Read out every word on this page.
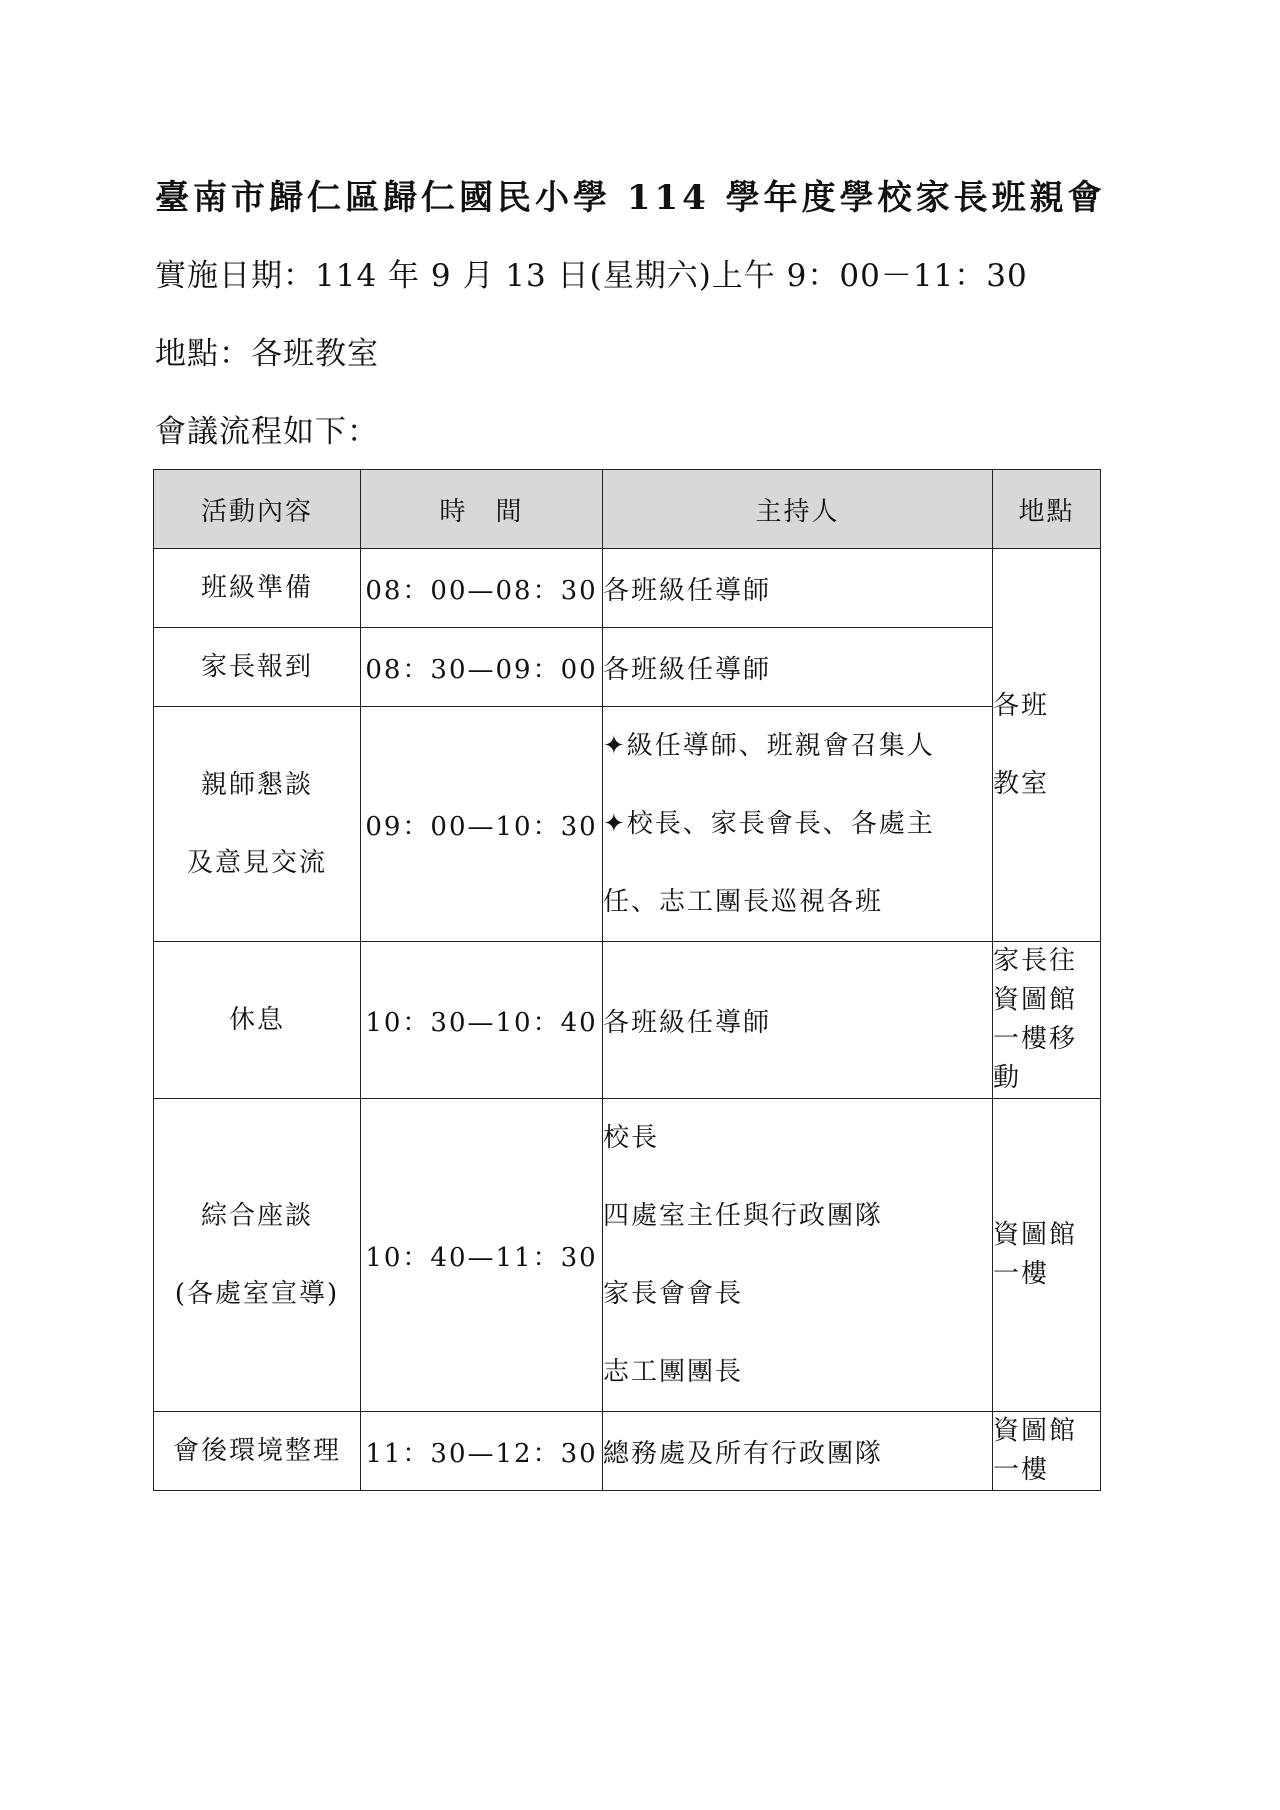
臺南市歸仁區歸仁國民小學 114 學年度學校家長班親會
實施日期：114 年 9 月 13 日(星期六)上午 9：00－11：30
地點：各班教室
會議流程如下：
活動內容	時　間	主持人	地點

班級準備	08：00—08：30	各班級任導師	各班
教室

家長報到	08：30—09：00	各班級任導師	

親師懇談
及意見交流	09：00—10：30	✦級任導師、班親會召集人
✦校長、家長會長、各處主
任、志工團長巡視各班	

休息	10：30—10：40	各班級任導師	家長往
資圖館
一樓移
動

綜合座談
(各處室宣導)	10：40—11：30	校長
四處室主任與行政團隊
家長會會長
志工團團長	資圖館
一樓

會後環境整理	11：30—12：30	總務處及所有行政團隊	資圖館
一樓
